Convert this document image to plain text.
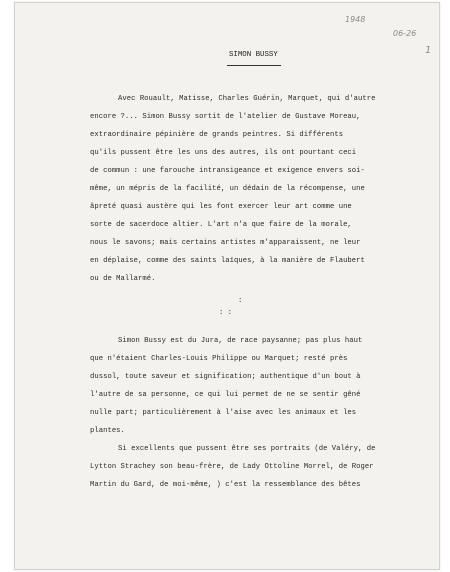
1948
06-26
1
SIMON BUSSY
Avec Rouault, Matisse, Charles Guérin, Marquet, qui d'autre
encore ?... Simon Bussy sortit de l'atelier de Gustave Moreau,
extraordinaire pépinière de grands peintres. Si différents
qu'ils pussent être les uns des autres, ils ont pourtant ceci
de commun : une farouche intransigeance et exigence envers soi-
même, un mépris de la facilité, un dédain de la récompense, une
âpreté quasi austère qui les font exercer leur art comme une
sorte de sacerdoce altier. L'art n'a que faire de la morale,
nous le savons; mais certains artistes m'apparaissent, ne leur
en déplaise, comme des saints laïques, à la manière de Flaubert
ou de Mallarmé.
:
: :
Simon Bussy est du Jura, de race paysanne; pas plus haut
que n'étaient Charles-Louis Philippe ou Marquet; resté près
dussol, toute saveur et signification; authentique d'un bout à
l'autre de sa personne, ce qui lui permet de ne se sentir gêné
nulle part; particulièrement à l'aise avec les animaux et les
plantes.
Si excellents que pussent être ses portraits (de Valéry, de
Lytton Strachey son beau-frère, de Lady Ottoline Morrel, de Roger
Martin du Gard, de moi-même, ) c'est la ressemblance des bêtes
